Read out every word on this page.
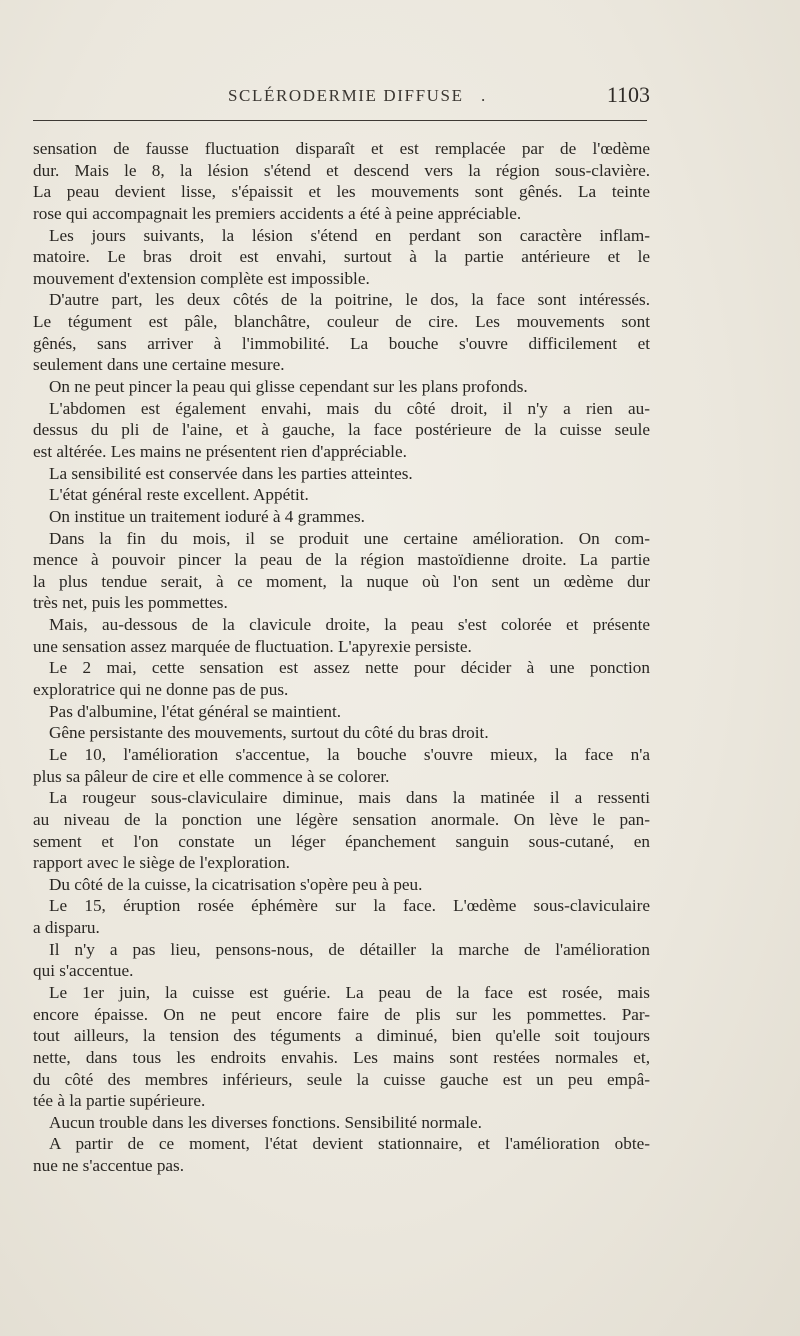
SCLÉRODERMIE DIFFUSE .	1103
sensation de fausse fluctuation disparaît et est remplacée par de l'œdème
dur. Mais le 8, la lésion s'étend et descend vers la région sous-clavière.
La peau devient lisse, s'épaissit et les mouvements sont gênés. La teinte
rose qui accompagnait les premiers accidents a été à peine appréciable.
Les jours suivants, la lésion s'étend en perdant son caractère inflam-
matoire. Le bras droit est envahi, surtout à la partie antérieure et le
mouvement d'extension complète est impossible.
D'autre part, les deux côtés de la poitrine, le dos, la face sont intéressés.
Le tégument est pâle, blanchâtre, couleur de cire. Les mouvements sont
gênés, sans arriver à l'immobilité. La bouche s'ouvre difficilement et
seulement dans une certaine mesure.
On ne peut pincer la peau qui glisse cependant sur les plans profonds.
L'abdomen est également envahi, mais du côté droit, il n'y a rien au-
dessus du pli de l'aine, et à gauche, la face postérieure de la cuisse seule
est altérée. Les mains ne présentent rien d'appréciable.
La sensibilité est conservée dans les parties atteintes.
L'état général reste excellent. Appétit.
On institue un traitement ioduré à 4 grammes.
Dans la fin du mois, il se produit une certaine amélioration. On com-
mence à pouvoir pincer la peau de la région mastoïdienne droite. La partie
la plus tendue serait, à ce moment, la nuque où l'on sent un œdème dur
très net, puis les pommettes.
Mais, au-dessous de la clavicule droite, la peau s'est colorée et présente
une sensation assez marquée de fluctuation. L'apyrexie persiste.
Le 2 mai, cette sensation est assez nette pour décider à une ponction
exploratrice qui ne donne pas de pus.
Pas d'albumine, l'état général se maintient.
Gêne persistante des mouvements, surtout du côté du bras droit.
Le 10, l'amélioration s'accentue, la bouche s'ouvre mieux, la face n'a
plus sa pâleur de cire et elle commence à se colorer.
La rougeur sous-claviculaire diminue, mais dans la matinée il a ressenti
au niveau de la ponction une légère sensation anormale. On lève le pan-
sement et l'on constate un léger épanchement sanguin sous-cutané, en
rapport avec le siège de l'exploration.
Du côté de la cuisse, la cicatrisation s'opère peu à peu.
Le 15, éruption rosée éphémère sur la face. L'œdème sous-claviculaire
a disparu.
Il n'y a pas lieu, pensons-nous, de détailler la marche de l'amélioration
qui s'accentue.
Le 1er juin, la cuisse est guérie. La peau de la face est rosée, mais
encore épaisse. On ne peut encore faire de plis sur les pommettes. Par-
tout ailleurs, la tension des téguments a diminué, bien qu'elle soit toujours
nette, dans tous les endroits envahis. Les mains sont restées normales et,
du côté des membres inférieurs, seule la cuisse gauche est un peu empâ-
tée à la partie supérieure.
Aucun trouble dans les diverses fonctions. Sensibilité normale.
A partir de ce moment, l'état devient stationnaire, et l'amélioration obte-
nue ne s'accentue pas.
